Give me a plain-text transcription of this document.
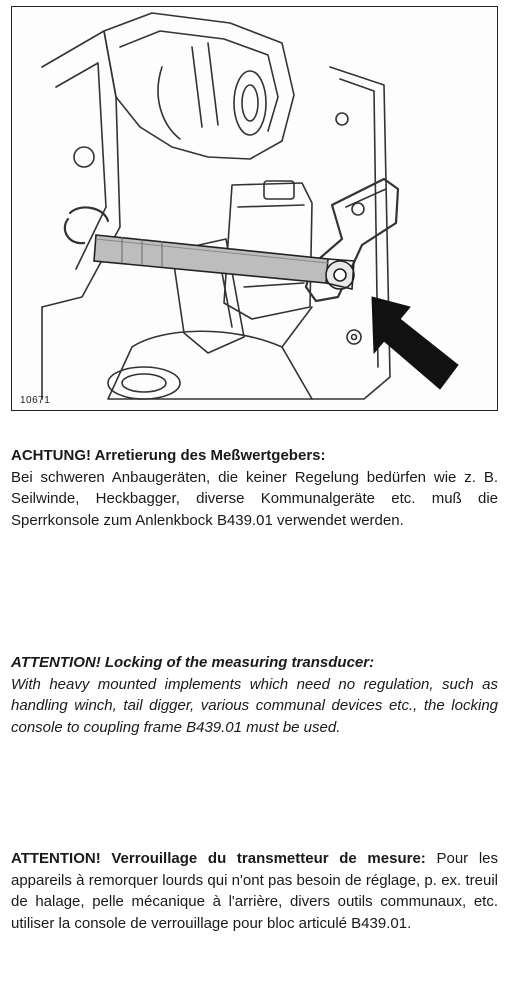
10671

ACHTUNG! Arretierung des Meßwertgebers:
Bei schweren Anbaugeräten, die keiner Regelung bedürfen wie z. B. Seilwinde, Heckbagger, diverse Kommunalgeräte etc. muß die Sperrkonsole zum Anlenkbock B439.01 verwendet werden.

ATTENTION! Locking of the measuring transducer:
With heavy mounted implements which need no regulation, such as handling winch, tail digger, various communal devices etc., the locking console to coupling frame B439.01 must be used.

ATTENTION! Verrouillage du transmetteur de mesure: Pour les appareils à remorquer lourds qui n'ont pas besoin de réglage, p. ex. treuil de halage, pelle mécanique à l'arrière, divers outils communaux, etc. utiliser la console de verrouillage pour bloc articulé B439.01.
